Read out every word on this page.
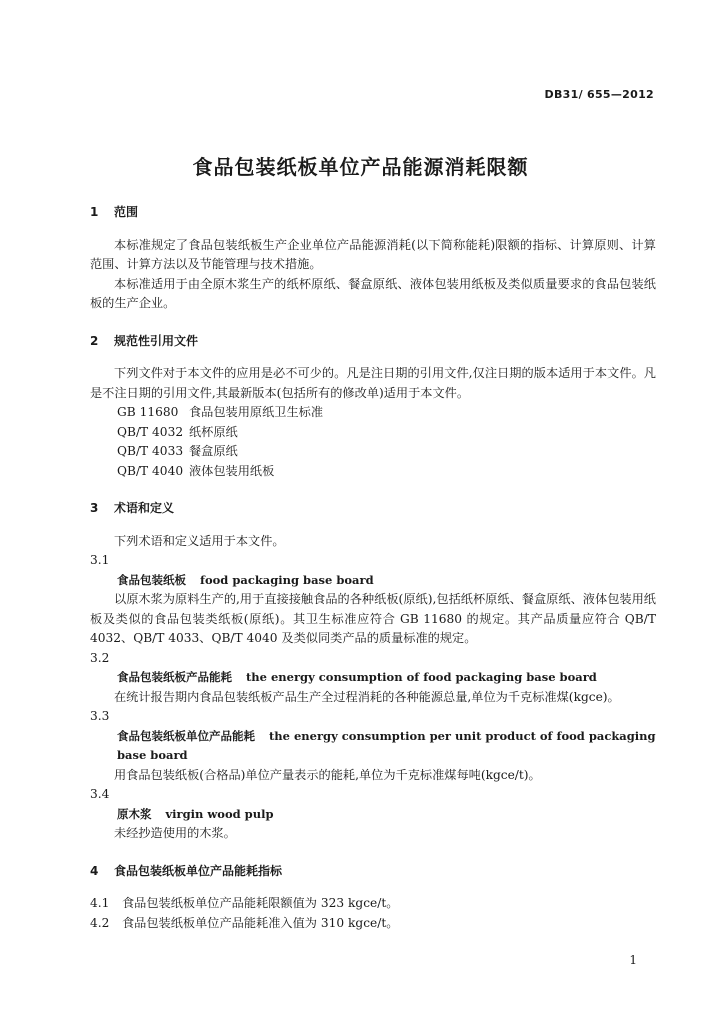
DB31/ 655—2012
食品包装纸板单位产品能源消耗限额
1 范围

本标准规定了食品包装纸板生产企业单位产品能源消耗(以下简称能耗)限额的指标、计算原则、计算范围、计算方法以及节能管理与技术措施。

本标准适用于由全原木浆生产的纸杯原纸、餐盒原纸、液体包装用纸板及类似质量要求的食品包装纸板的生产企业。

2 规范性引用文件

下列文件对于本文件的应用是必不可少的。凡是注日期的引用文件,仅注日期的版本适用于本文件。凡是不注日期的引用文件,其最新版本(包括所有的修改单)适用于本文件。

GB 11680 食品包装用原纸卫生标准

QB/T 4032 纸杯原纸

QB/T 4033 餐盒原纸

QB/T 4040 液体包装用纸板

3 术语和定义

下列术语和定义适用于本文件。

3.1

食品包装纸板 food packaging base board

以原木浆为原料生产的,用于直接接触食品的各种纸板(原纸),包括纸杯原纸、餐盒原纸、液体包装用纸板及类似的食品包装类纸板(原纸)。其卫生标准应符合 GB 11680 的规定。其产品质量应符合 QB/T 4032、QB/T 4033、QB/T 4040 及类似同类产品的质量标准的规定。

3.2

食品包装纸板产品能耗 the energy consumption of food packaging base board

在统计报告期内食品包装纸板产品生产全过程消耗的各种能源总量,单位为千克标准煤(kgce)。

3.3

食品包装纸板单位产品能耗 the energy consumption per unit product of food packaging base board

用食品包装纸板(合格品)单位产量表示的能耗,单位为千克标准煤每吨(kgce/t)。

3.4

原木浆 virgin wood pulp

未经抄造使用的木浆。

4 食品包装纸板单位产品能耗指标

4.1 食品包装纸板单位产品能耗限额值为 323 kgce/t。

4.2 食品包装纸板单位产品能耗准入值为 310 kgce/t。

1
